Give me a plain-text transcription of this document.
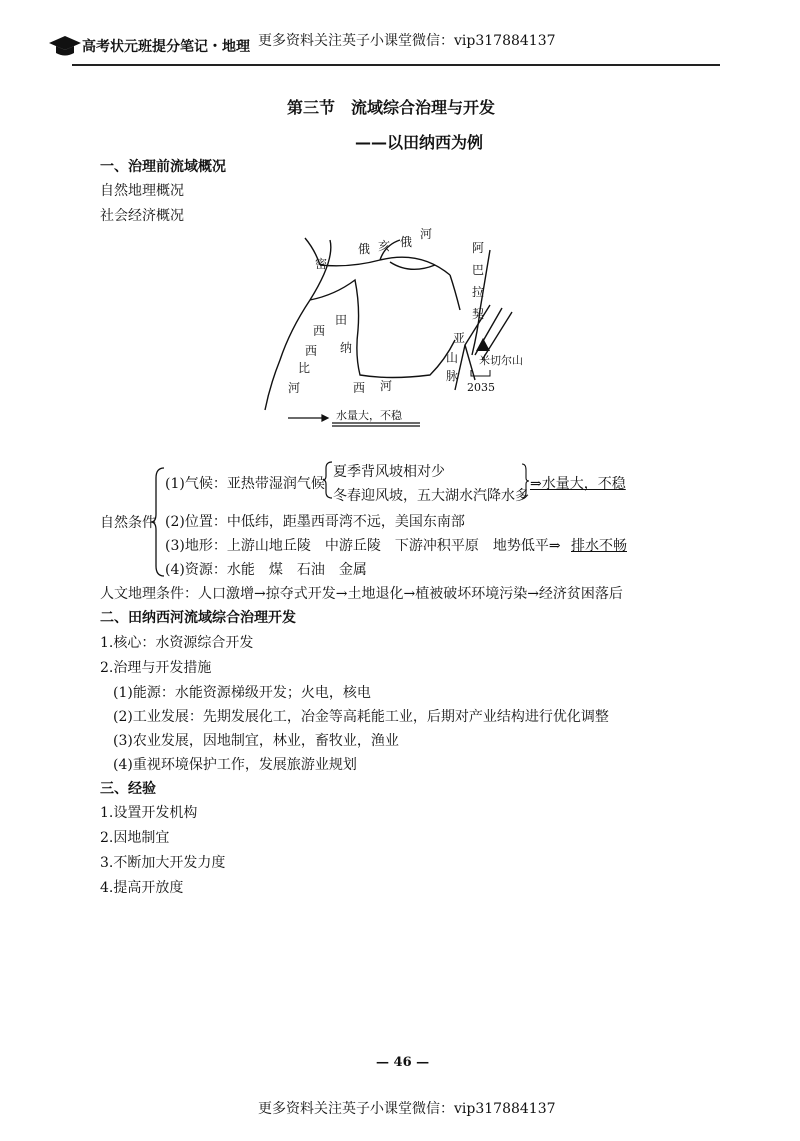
高考状元班提分笔记・地理 更多资料关注英子小课堂微信：vip317884137
第三节　流域综合治理与开发
——以田纳西为例
一、治理前流域概况
自然地理概况
社会经济概况
密
俄 亥 俄
河
阿
巴
拉
契
亚
山
脉
西
田
纳
西
比
河	西 河
米切尔山
2035
水量大，不稳
自然条件
(1)气候：亚热带湿润气候
夏季背风坡相对少
冬春迎风坡，五大湖水汽降水多
⇒水量大，不稳
(2)位置：中低纬，距墨西哥湾不远，美国东南部
(3)地形：上游山地丘陵　中游丘陵　下游冲积平原　地势低平⇒ 排水不畅
(4)资源：水能　煤　石油　金属
人文地理条件：人口激增→掠夺式开发→土地退化→植被破坏环境污染→经济贫困落后
二、田纳西河流域综合治理开发
1.核心：水资源综合开发
2.治理与开发措施
(1)能源：水能资源梯级开发；火电，核电
(2)工业发展：先期发展化工，冶金等高耗能工业，后期对产业结构进行优化调整
(3)农业发展，因地制宜，林业，畜牧业，渔业
(4)重视环境保护工作，发展旅游业规划
三、经验
1.设置开发机构
2.因地制宜
3.不断加大开发力度
4.提高开放度
— 46 —
更多资料关注英子小课堂微信：vip317884137
